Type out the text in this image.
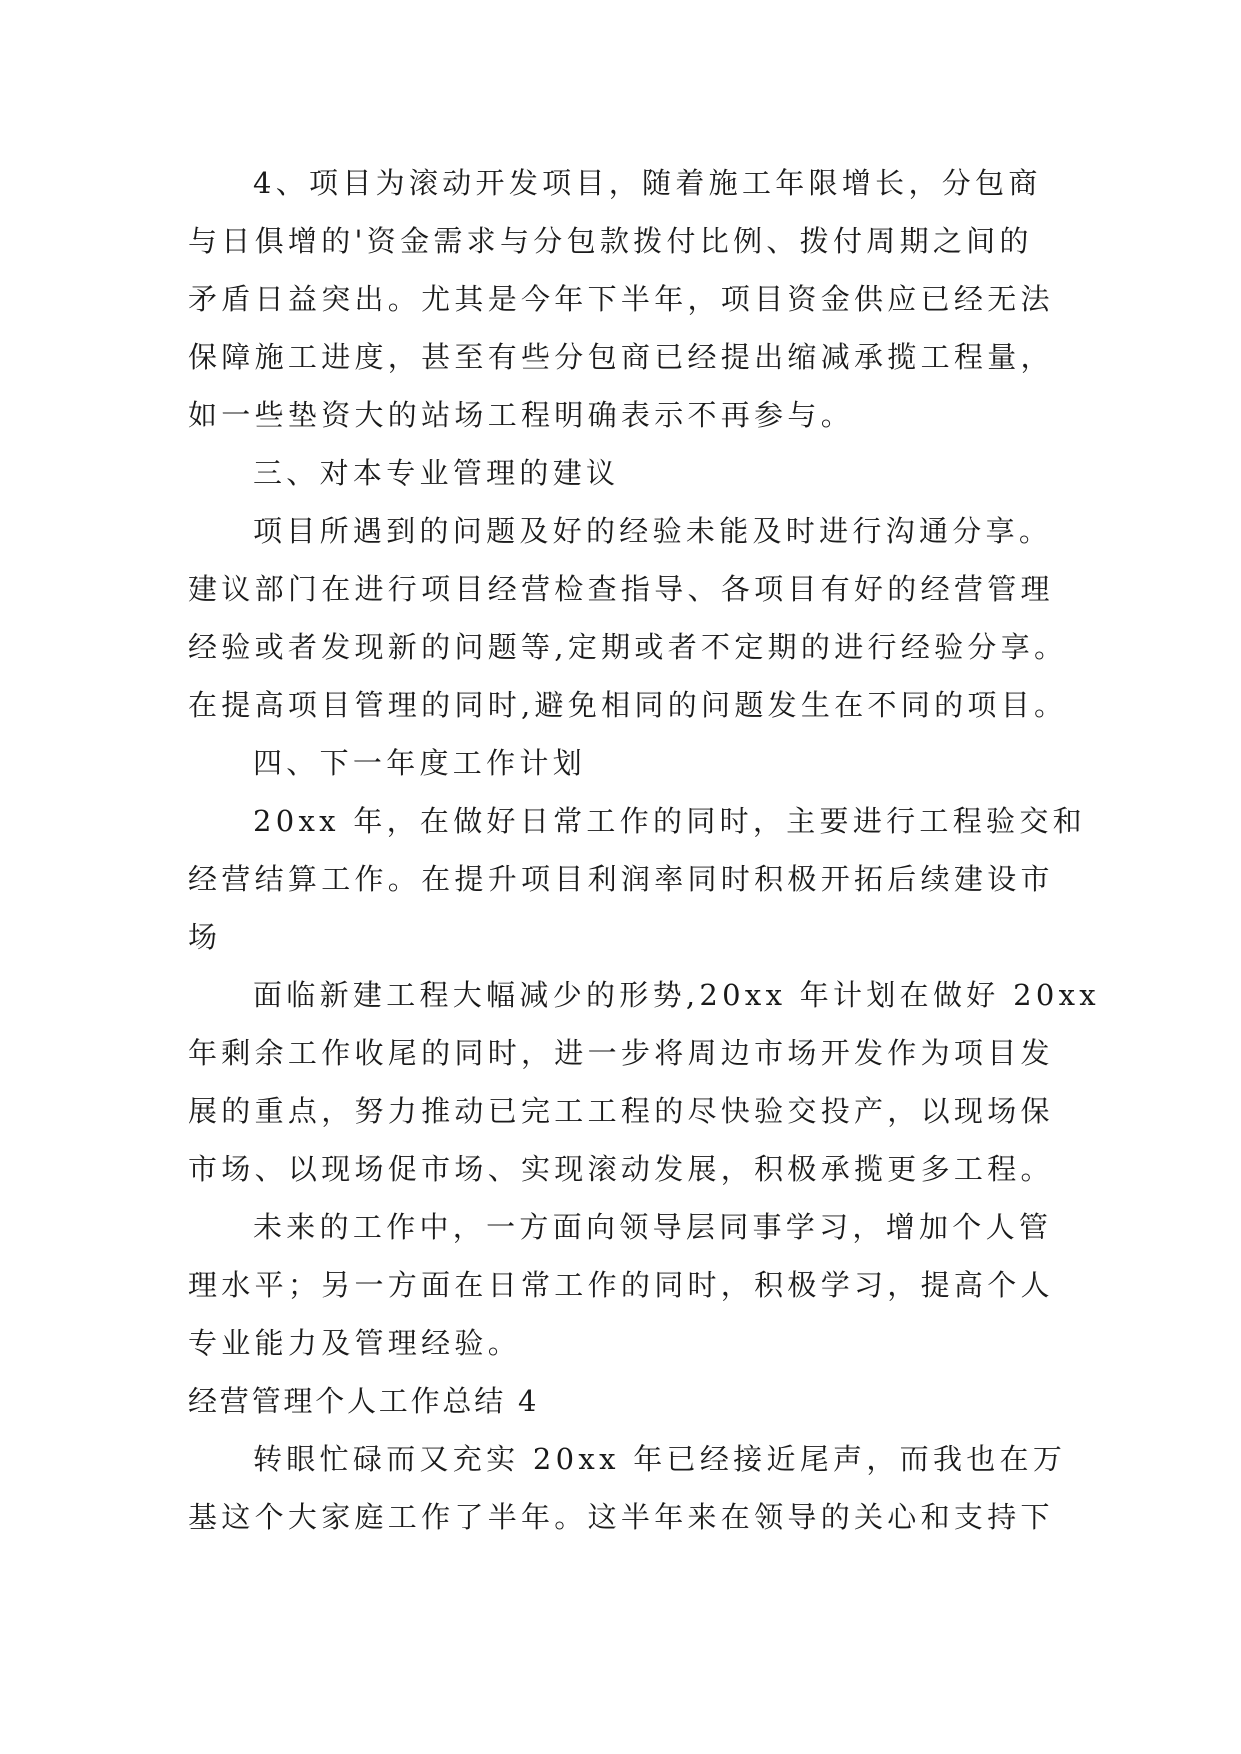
4、项目为滚动开发项目，随着施工年限增长，分包商
与日俱增的'资金需求与分包款拨付比例、拨付周期之间的
矛盾日益突出。尤其是今年下半年，项目资金供应已经无法
保障施工进度，甚至有些分包商已经提出缩减承揽工程量，
如一些垫资大的站场工程明确表示不再参与。
三、对本专业管理的建议
项目所遇到的问题及好的经验未能及时进行沟通分享。
建议部门在进行项目经营检查指导、各项目有好的经营管理
经验或者发现新的问题等,定期或者不定期的进行经验分享。
在提高项目管理的同时,避免相同的问题发生在不同的项目。
四、下一年度工作计划
20xx 年，在做好日常工作的同时，主要进行工程验交和
经营结算工作。在提升项目利润率同时积极开拓后续建设市
场
面临新建工程大幅减少的形势,20xx 年计划在做好 20xx
年剩余工作收尾的同时，进一步将周边市场开发作为项目发
展的重点，努力推动已完工工程的尽快验交投产，以现场保
市场、以现场促市场、实现滚动发展，积极承揽更多工程。
未来的工作中，一方面向领导层同事学习，增加个人管
理水平；另一方面在日常工作的同时，积极学习，提高个人
专业能力及管理经验。
经营管理个人工作总结 4
转眼忙碌而又充实 20xx 年已经接近尾声，而我也在万
基这个大家庭工作了半年。这半年来在领导的关心和支持下
